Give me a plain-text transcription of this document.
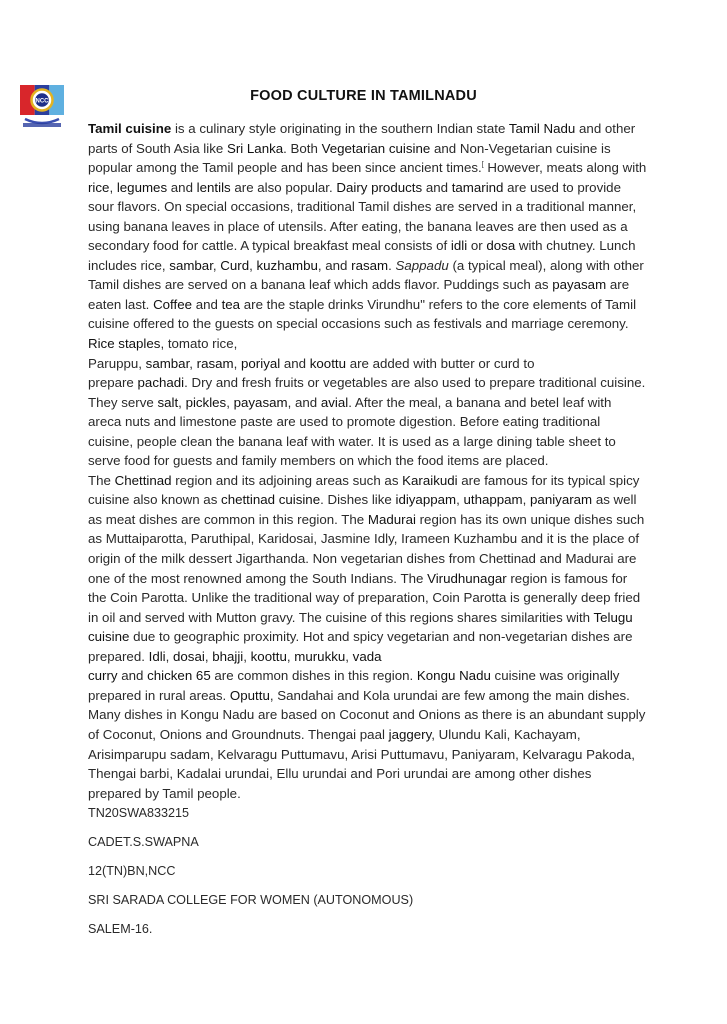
NCC	FOOD CULTURE IN TAMILNADU

Tamil cuisine is a culinary style originating in the southern Indian state Tamil Nadu and other parts of South Asia like Sri Lanka. Both Vegetarian cuisine and Non-Vegetarian cuisine is popular among the Tamil people and has been since ancient times.[ However, meats along with rice, legumes and lentils are also popular. Dairy products and tamarind are used to provide sour flavors. On special occasions, traditional Tamil dishes are served in a traditional manner, using banana leaves in place of utensils. After eating, the banana leaves are then used as a secondary food for cattle. A typical breakfast meal consists of idli or dosa with chutney. Lunch includes rice, sambar, Curd, kuzhambu, and rasam. Sappadu (a typical meal), along with other Tamil dishes are served on a banana leaf which adds flavor. Puddings such as payasam are eaten last. Coffee and tea are the staple drinks Virundhu" refers to the core elements of Tamil cuisine offered to the guests on special occasions such as festivals and marriage ceremony. Rice staples, tomato rice,

Paruppu, sambar, rasam, poriyal and koottu are added with butter or curd to

prepare pachadi. Dry and fresh fruits or vegetables are also used to prepare traditional cuisine. They serve salt, pickles, payasam, and avial. After the meal, a banana and betel leaf with areca nuts and limestone paste are used to promote digestion. Before eating traditional cuisine, people clean the banana leaf with water. It is used as a large dining table sheet to serve food for guests and family members on which the food items are placed.

The Chettinad region and its adjoining areas such as Karaikudi are famous for its typical spicy cuisine also known as chettinad cuisine. Dishes like idiyappam, uthappam, paniyaram as well as meat dishes are common in this region. The Madurai region has its own unique dishes such as Muttaiparotta, Paruthipal, Karidosai, Jasmine Idly, Irameen Kuzhambu and it is the place of origin of the milk dessert Jigarthanda. Non vegetarian dishes from Chettinad and Madurai are one of the most renowned among the South Indians. The Virudhunagar region is famous for the Coin Parotta. Unlike the traditional way of preparation, Coin Parotta is generally deep fried in oil and served with Mutton gravy. The cuisine of this regions shares similarities with Telugu cuisine due to geographic proximity. Hot and spicy vegetarian and non-vegetarian dishes are prepared. Idli, dosai, bhajji, koottu, murukku, vada

curry and chicken 65 are common dishes in this region. Kongu Nadu cuisine was originally prepared in rural areas. Oputtu, Sandahai and Kola urundai are few among the main dishes. Many dishes in Kongu Nadu are based on Coconut and Onions as there is an abundant supply of Coconut, Onions and Groundnuts. Thengai paal jaggery, Ulundu Kali, Kachayam, Arisimparupu sadam, Kelvaragu Puttumavu, Arisi Puttumavu, Paniyaram, Kelvaragu Pakoda, Thengai barbi, Kadalai urundai, Ellu urundai and Pori urundai are among other dishes prepared by Tamil people.

TN20SWA833215
CADET.S.SWAPNA
12(TN)BN,NCC
SRI SARADA COLLEGE FOR WOMEN (AUTONOMOUS)
SALEM-16.
